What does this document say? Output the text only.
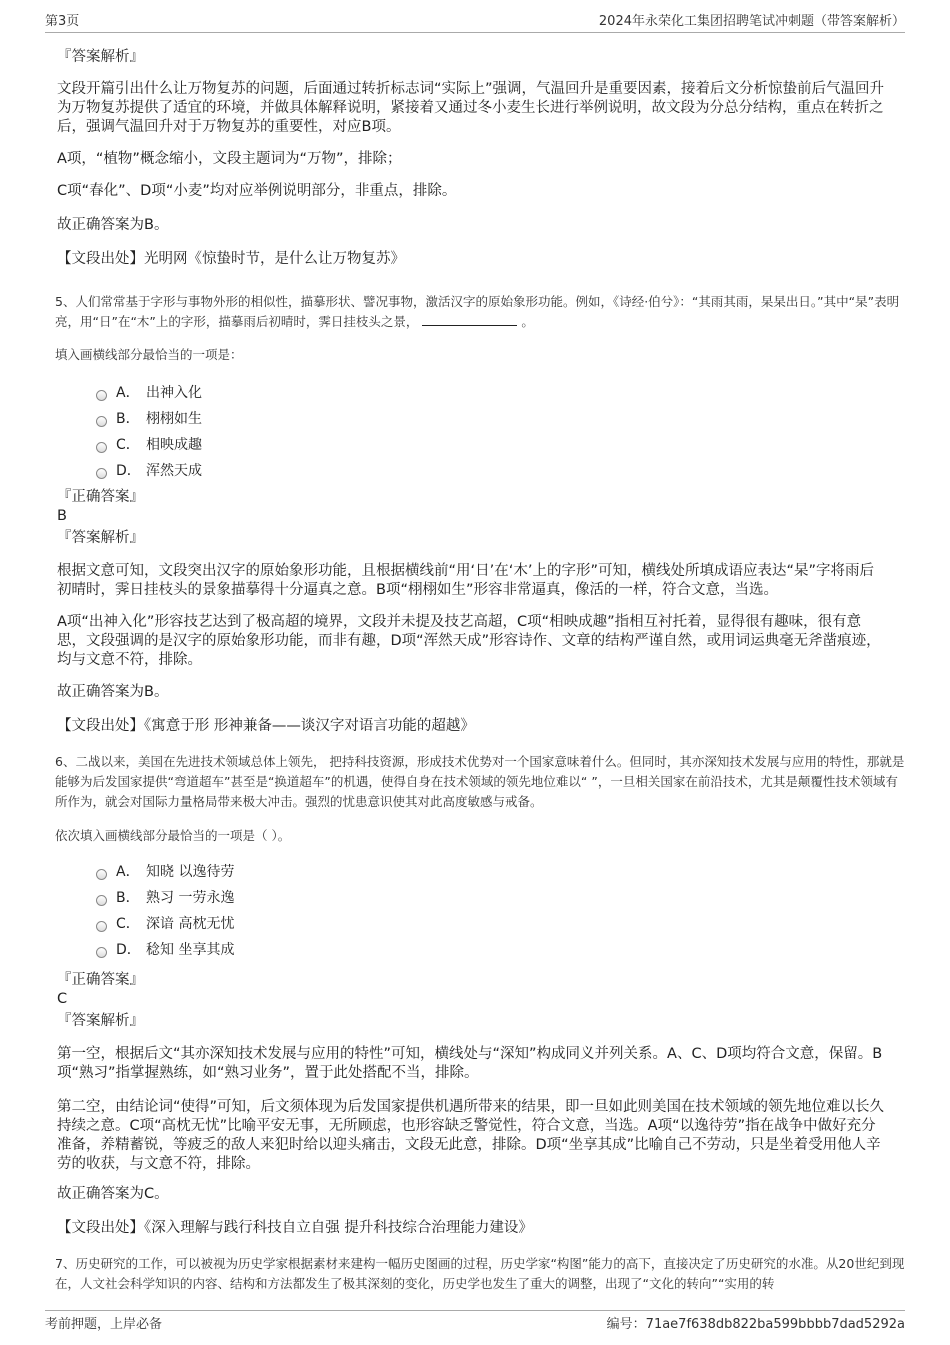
第3页	2024年永荣化工集团招聘笔试冲刺题（带答案解析）
『答案解析』
文段开篇引出什么让万物复苏的问题，后面通过转折标志词“实际上”强调，气温回升是重要因素，接着后文分析惊蛰前后气温回升为万物复苏提供了适宜的环境，并做具体解释说明，紧接着又通过冬小麦生长进行举例说明，故文段为分总分结构，重点在转折之后，强调气温回升对于万物复苏的重要性，对应B项。
A项，“植物”概念缩小，文段主题词为“万物”，排除；
C项“春化”、D项“小麦”均对应举例说明部分，非重点，排除。
故正确答案为B。
【文段出处】光明网《惊蛰时节，是什么让万物复苏》
5、人们常常基于字形与事物外形的相似性，描摹形状、譬况事物，激活汉字的原始象形功能。例如，《诗经·伯兮》：“其雨其雨，杲杲出日。”其中“杲”表明亮，用“日”在“木”上的字形，描摹雨后初晴时，霁日挂枝头之景，	。
填入画横线部分最恰当的一项是：
A． 出神入化
B． 栩栩如生
C． 相映成趣
D． 浑然天成
『正确答案』
B
『答案解析』
根据文意可知，文段突出汉字的原始象形功能，且根据横线前“用‘日’在‘木’上的字形”可知，横线处所填成语应表达“杲”字将雨后初晴时，霁日挂枝头的景象描摹得十分逼真之意。B项“栩栩如生”形容非常逼真，像活的一样，符合文意，当选。
A项“出神入化”形容技艺达到了极高超的境界，文段并未提及技艺高超，C项“相映成趣”指相互衬托着，显得很有趣味，很有意思，文段强调的是汉字的原始象形功能，而非有趣，D项“浑然天成”形容诗作、文章的结构严谨自然，或用词运典毫无斧凿痕迹，均与文意不符，排除。
故正确答案为B。
【文段出处】《寓意于形 形神兼备——谈汉字对语言功能的超越》
6、二战以来，美国在先进技术领域总体上领先， 把持科技资源，形成技术优势对一个国家意味着什么。但同时，其亦深知技术发展与应用的特性，那就是能够为后发国家提供“弯道超车”甚至是“换道超车”的机遇，使得自身在技术领域的领先地位难以“ ”，一旦相关国家在前沿技术，尤其是颠覆性技术领域有所作为，就会对国际力量格局带来极大冲击。强烈的忧患意识使其对此高度敏感与戒备。
依次填入画横线部分最恰当的一项是（ ）。
A． 知晓 以逸待劳
B． 熟习 一劳永逸
C． 深谙 高枕无忧
D． 稔知 坐享其成
『正确答案』
C
『答案解析』
第一空，根据后文“其亦深知技术发展与应用的特性”可知，横线处与“深知”构成同义并列关系。A、C、D项均符合文意，保留。B项“熟习”指掌握熟练，如“熟习业务”，置于此处搭配不当，排除。
第二空，由结论词“使得”可知，后文须体现为后发国家提供机遇所带来的结果，即一旦如此则美国在技术领域的领先地位难以长久持续之意。C项“高枕无忧”比喻平安无事，无所顾虑，也形容缺乏警觉性，符合文意，当选。A项“以逸待劳”指在战争中做好充分准备，养精蓄锐，等疲乏的敌人来犯时给以迎头痛击，文段无此意，排除。D项“坐享其成”比喻自己不劳动，只是坐着受用他人辛劳的收获，与文意不符，排除。
故正确答案为C。
【文段出处】《深入理解与践行科技自立自强 提升科技综合治理能力建设》
7、历史研究的工作，可以被视为历史学家根据素材来建构一幅历史图画的过程，历史学家“构图”能力的高下，直接决定了历史研究的水准。从20世纪到现在，人文社会科学知识的内容、结构和方法都发生了极其深刻的变化，历史学也发生了重大的调整，出现了“文化的转向”“实用的转
考前押题，上岸必备	编号：71ae7f638db822ba599bbbb7dad5292a
